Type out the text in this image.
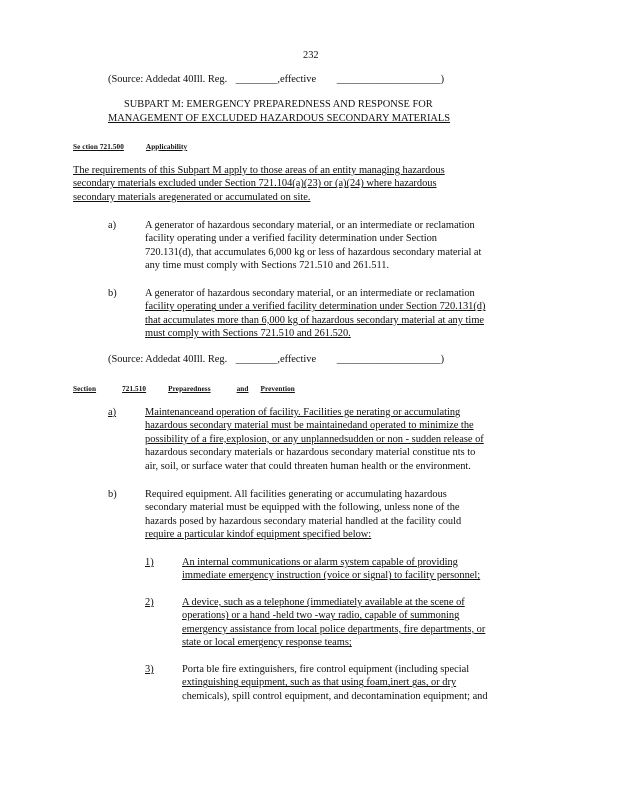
232
(Source: Addedat 40Ill. Reg. ________,effective ____________________)
SUBPART M: EMERGENCY PREPAREDNESS AND RESPONSE FOR
MANAGEMENT OF EXCLUDED HAZARDOUS SECONDARY MATERIALS
Se ction 721.500	Applicability
The requirements of this Subpart M apply to those areas of an entity managing hazardous
secondary materials excluded under Section 721.104(a)(23) or (a)(24) where hazardous
secondary materials aregenerated or accumulated on site.
a)	A generator of hazardous secondary material, or an intermediate or reclamation
facility operating under a verified facility determination under Section
720.131(d), that accumulates 6,000 kg or less of hazardous secondary material at
any time must comply with Sections 721.510 and 261.511.
b)	A generator of hazardous secondary material, or an intermediate or reclamation
facility operating under a verified facility determination under Section 720.131(d)
that accumulates more than 6,000 kg of hazardous secondary material at any time
must comply with Sections 721.510 and 261.520.
(Source: Addedat 40Ill. Reg. ________,effective ____________________)
Section	721.510	Preparedness	and Prevention
a)	Maintenanceand operation of facility. Facilities ge nerating or accumulating
hazardous secondary material must be maintainedand operated to minimize the
possibility of a fire,explosion, or any unplannedsudden or non - sudden release of
hazardous secondary materials or hazardous secondary material constitue nts to
air, soil, or surface water that could threaten human health or the environment.
b)	Required equipment. All facilities generating or accumulating hazardous
secondary material must be equipped with the following, unless none of the
hazards posed by hazardous secondary material handled at the facility could
require a particular kindof equipment specified below:
1)	An internal communications or alarm system capable of providing
immediate emergency instruction (voice or signal) to facility personnel;
2)	A device, such as a telephone (immediately available at the scene of
operations) or a hand -held two -way radio, capable of summoning
emergency assistance from local police departments, fire departments, or
state or local emergency response teams;
3)	Porta ble fire extinguishers, fire control equipment (including special
extinguishing equipment, such as that using foam,inert gas, or dry
chemicals), spill control equipment, and decontamination equipment; and
